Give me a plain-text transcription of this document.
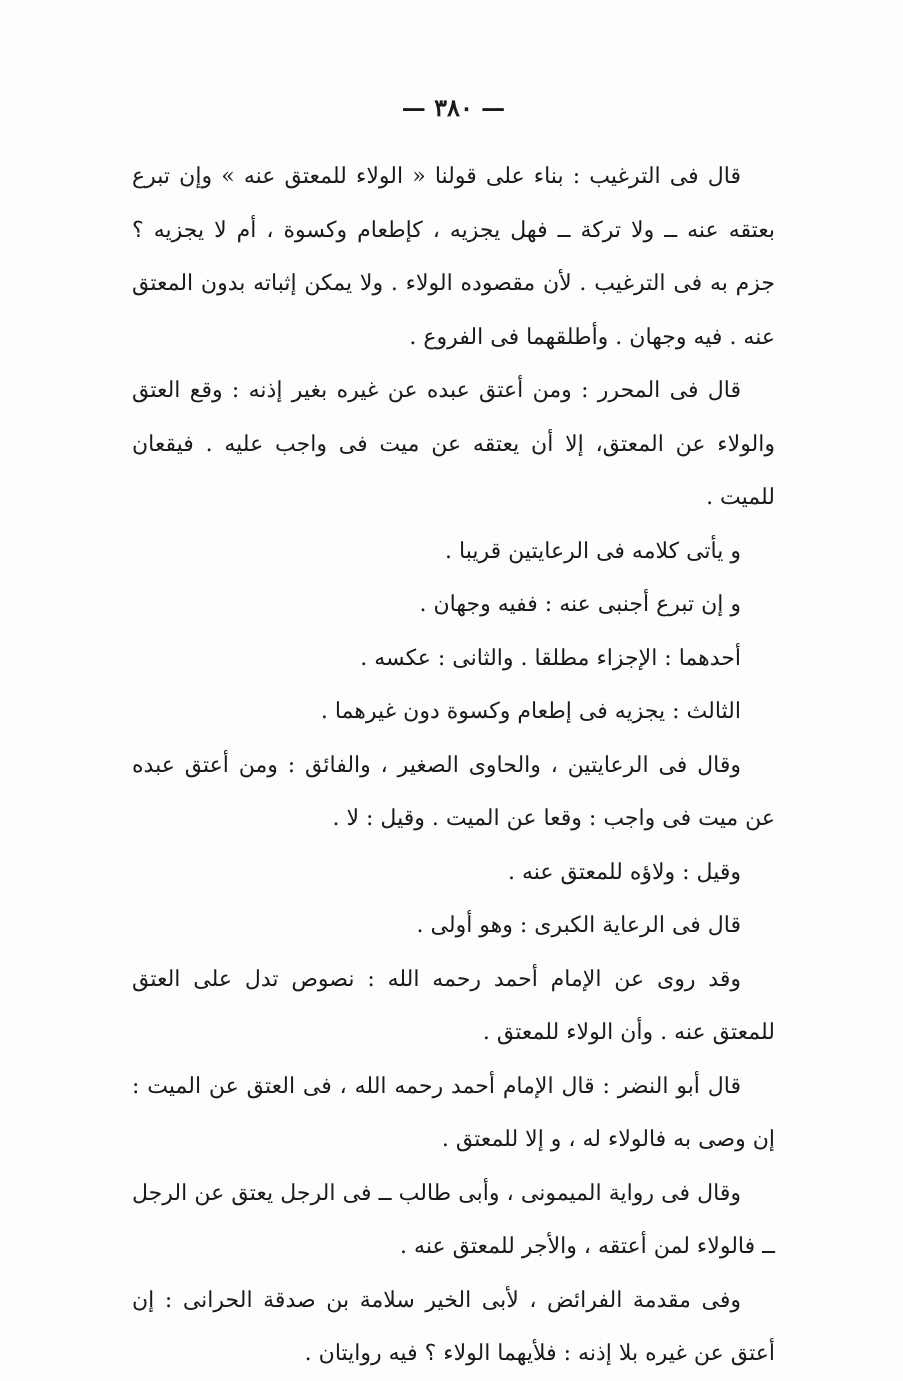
— ٣٨٠ —

قال فى الترغيب : بناء على قولنا « الولاء للمعتق عنه » وإن تبرع بعتقه عنه ــ ولا تركة ــ فهل يجزيه ، كإطعام وكسوة ، أم لا يجزيه ؟ جزم به فى الترغيب . لأن مقصوده الولاء . ولا يمكن إثباته بدون المعتق عنه . فيه وجهان . وأطلقهما فى الفروع .

قال فى المحرر : ومن أعتق عبده عن غيره بغير إذنه : وقع العتق والولاء عن المعتق، إلا أن يعتقه عن ميت فى واجب عليه . فيقعان للميت .

و يأتى كلامه فى الرعايتين قريبا .

و إن تبرع أجنبى عنه : ففيه وجهان .

أحدهما : الإجزاء مطلقا . والثانى : عكسه .

الثالث : يجزيه فى إطعام وكسوة دون غيرهما .

وقال فى الرعايتين ، والحاوى الصغير ، والفائق : ومن أعتق عبده عن ميت فى واجب : وقعا عن الميت . وقيل : لا .

وقيل : ولاؤه للمعتق عنه .

قال فى الرعاية الكبرى : وهو أولى .

وقد روى عن الإمام أحمد رحمه الله : نصوص تدل على العتق للمعتق عنه . وأن الولاء للمعتق .

قال أبو النضر : قال الإمام أحمد رحمه الله ، فى العتق عن الميت : إن وصى به فالولاء له ، و إلا للمعتق .

وقال فى رواية الميمونى ، وأبى طالب ــ فى الرجل يعتق عن الرجل ــ فالولاء لمن أعتقه ، والأجر للمعتق عنه .

وفى مقدمة الفرائض ، لأبى الخير سلامة بن صدقة الحرانى : إن أعتق عن غيره بلا إذنه : فلأيهما الولاء ؟ فيه روايتان .
